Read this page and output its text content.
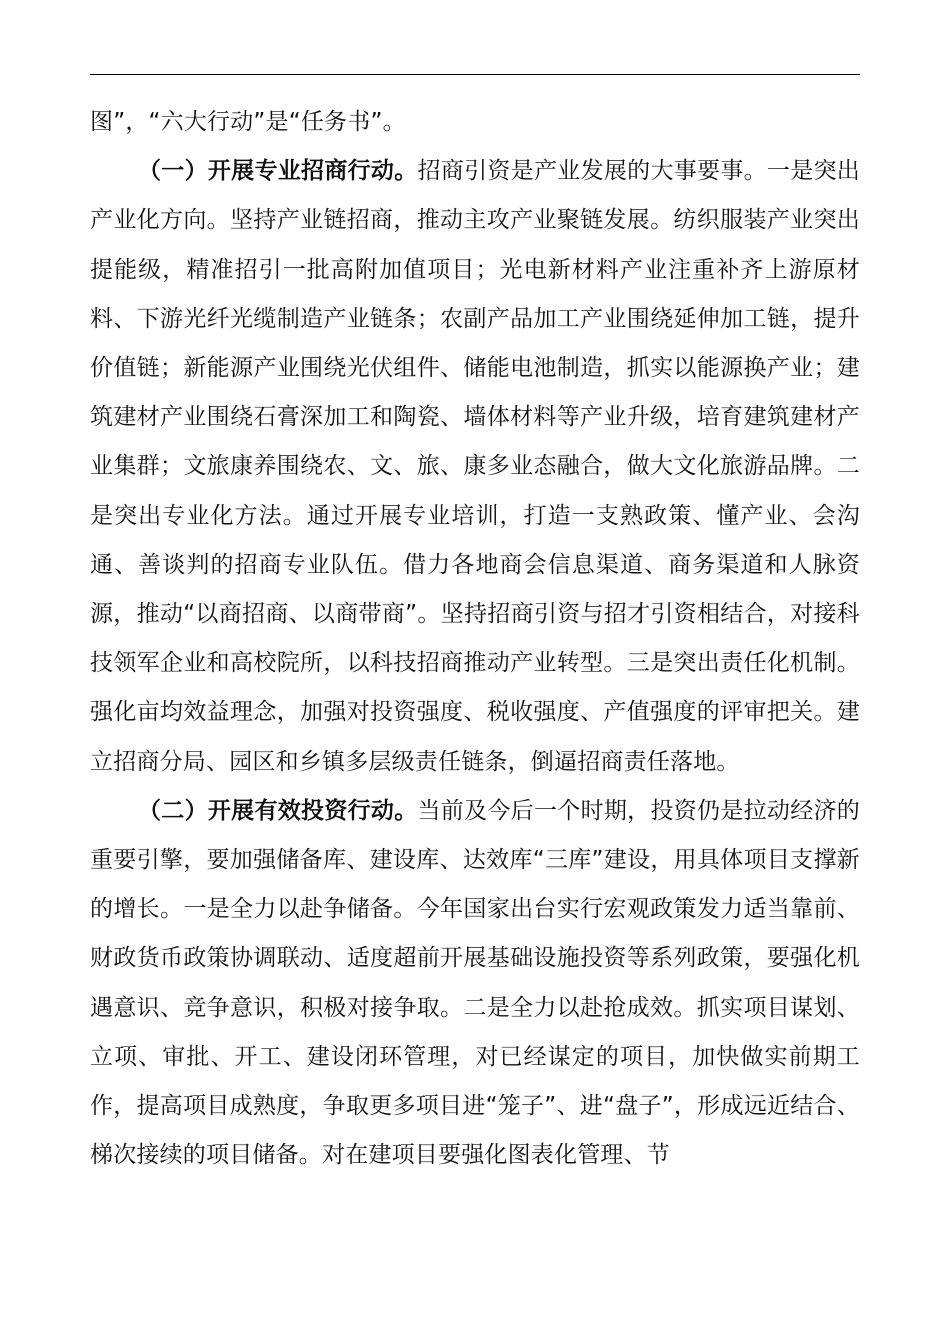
图”，“六大行动”是“任务书”。

（一）开展专业招商行动。招商引资是产业发展的大事要事。一是突出产业化方向。坚持产业链招商，推动主攻产业聚链发展。纺织服装产业突出提能级，精准招引一批高附加值项目；光电新材料产业注重补齐上游原材料、下游光纤光缆制造产业链条；农副产品加工产业围绕延伸加工链，提升价值链；新能源产业围绕光伏组件、储能电池制造，抓实以能源换产业；建筑建材产业围绕石膏深加工和陶瓷、墙体材料等产业升级，培育建筑建材产业集群；文旅康养围绕农、文、旅、康多业态融合，做大文化旅游品牌。二是突出专业化方法。通过开展专业培训，打造一支熟政策、懂产业、会沟通、善谈判的招商专业队伍。借力各地商会信息渠道、商务渠道和人脉资源，推动“以商招商、以商带商”。坚持招商引资与招才引资相结合，对接科技领军企业和高校院所，以科技招商推动产业转型。三是突出责任化机制。强化亩均效益理念，加强对投资强度、税收强度、产值强度的评审把关。建立招商分局、园区和乡镇多层级责任链条，倒逼招商责任落地。

（二）开展有效投资行动。当前及今后一个时期，投资仍是拉动经济的重要引擎，要加强储备库、建设库、达效库“三库”建设，用具体项目支撑新的增长。一是全力以赴争储备。今年国家出台实行宏观政策发力适当靠前、财政货币政策协调联动、适度超前开展基础设施投资等系列政策，要强化机遇意识、竞争意识，积极对接争取。二是全力以赴抢成效。抓实项目谋划、立项、审批、开工、建设闭环管理，对已经谋定的项目，加快做实前期工作，提高项目成熟度，争取更多项目进“笼子”、进“盘子”，形成远近结合、梯次接续的项目储备。对在建项目要强化图表化管理、节
